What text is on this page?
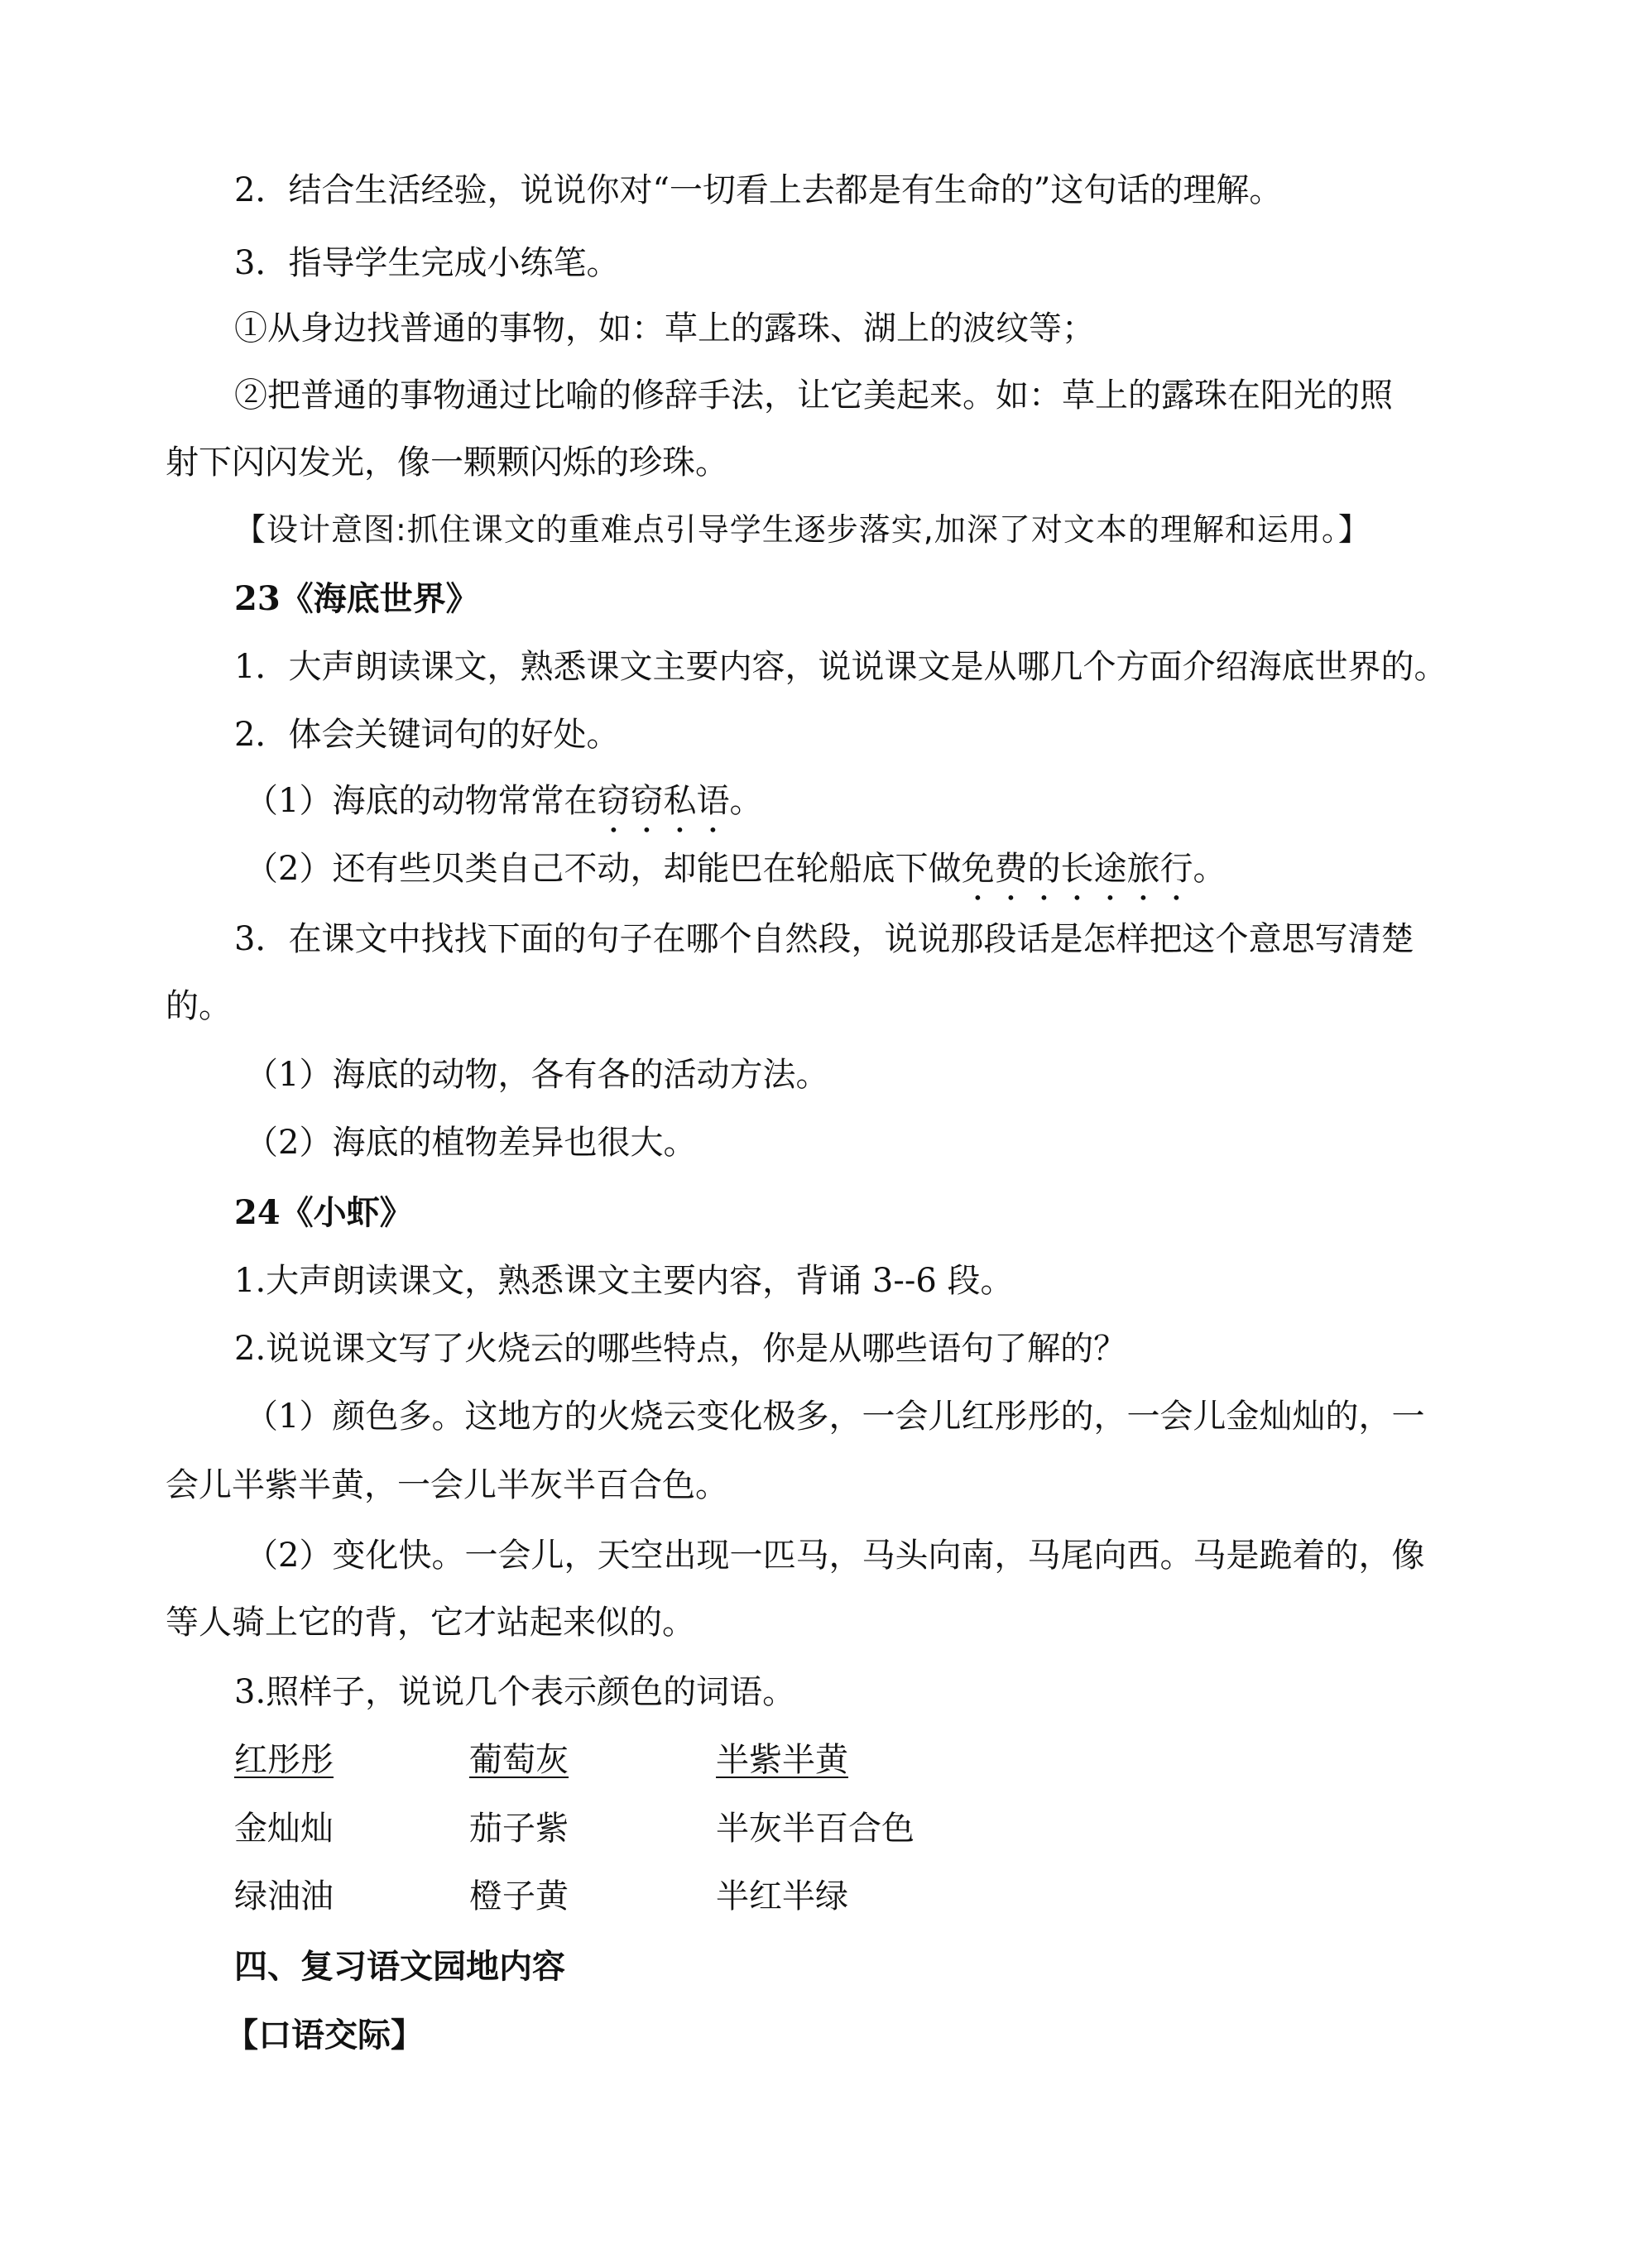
2．结合生活经验，说说你对“一切看上去都是有生命的”这句话的理解。

3．指导学生完成小练笔。

①从身边找普通的事物，如：草上的露珠、湖上的波纹等；

②把普通的事物通过比喻的修辞手法，让它美起来。如：草上的露珠在阳光的照

射下闪闪发光，像一颗颗闪烁的珍珠。

【设计意图:抓住课文的重难点引导学生逐步落实,加深了对文本的理解和运用。】

23《海底世界》

1．大声朗读课文，熟悉课文主要内容，说说课文是从哪几个方面介绍海底世界的。

2．体会关键词句的好处。

（1）海底的动物常常在窃窃私语。

（2）还有些贝类自己不动，却能巴在轮船底下做免费的长途旅行。

3．在课文中找找下面的句子在哪个自然段，说说那段话是怎样把这个意思写清楚

的。

（1）海底的动物，各有各的活动方法。

（2）海底的植物差异也很大。

24《小虾》

1.大声朗读课文，熟悉课文主要内容，背诵 3--6 段。

2.说说课文写了火烧云的哪些特点，你是从哪些语句了解的？

（1）颜色多。这地方的火烧云变化极多，一会儿红彤彤的，一会儿金灿灿的，一

会儿半紫半黄，一会儿半灰半百合色。

（2）变化快。一会儿，天空出现一匹马，马头向南，马尾向西。马是跪着的，像

等人骑上它的背，它才站起来似的。

3.照样子，说说几个表示颜色的词语。

红彤彤	葡萄灰	半紫半黄

金灿灿	茄子紫	半灰半百合色

绿油油	橙子黄	半红半绿

四、复习语文园地内容

【口语交际】
